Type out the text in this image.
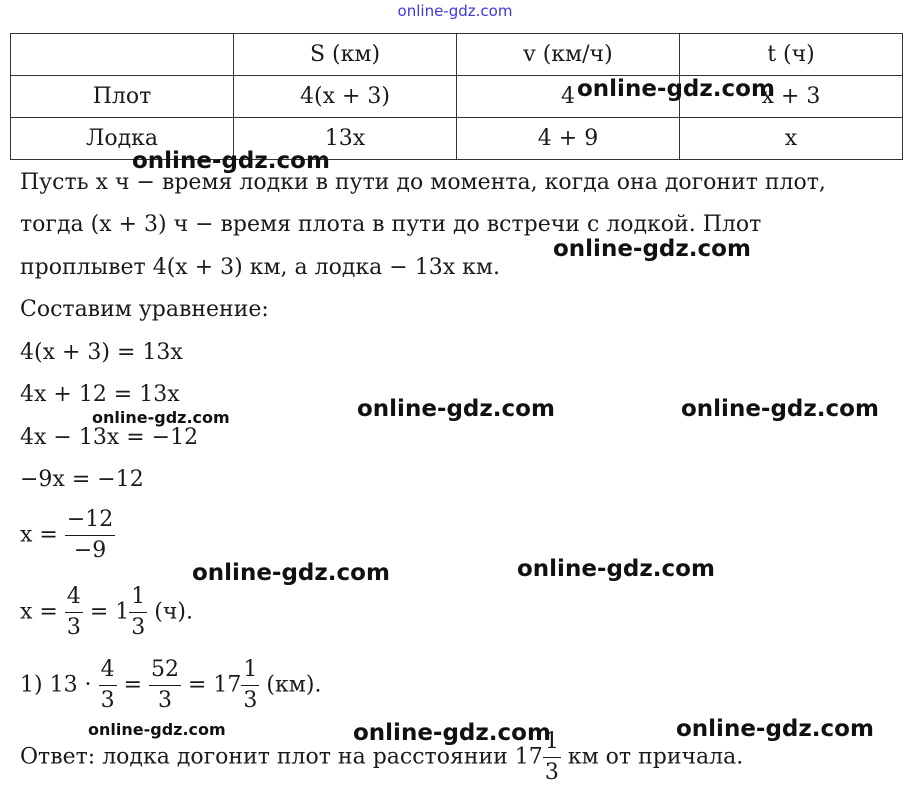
online-gdz.com
	S (км)	v (км/ч)	t (ч)
Плот	4(x + 3)	4	x + 3
Лодка	13x	4 + 9	x
Пусть x ч − время лодки в пути до момента, когда она догонит плот,
тогда (x + 3) ч − время плота в пути до встречи с лодкой. Плот
проплывет 4(x + 3) км, а лодка − 13x км.
Составим уравнение:
4(x + 3) = 13x
4x + 12 = 13x
4x − 13x = −12
−9x = −12
$x = \frac{-12}{-9}$
$x = \frac{4}{3} = 1 \frac{1}{3} (ч)$.
1) $13 \cdot \frac{4}{3} = \frac{52}{3} = 17 \frac{1}{3} (км)$.
Ответ: лодка догонит плот на расстоянии $17 \frac{1}{3}$ км от причала.
online-gdz.com
online-gdz.com
online-gdz.com
online-gdz.com	online-gdz.com
online-gdz.com
online-gdz.com	online-gdz.com
online-gdz.com	online-gdz.com	online-gdz.com
